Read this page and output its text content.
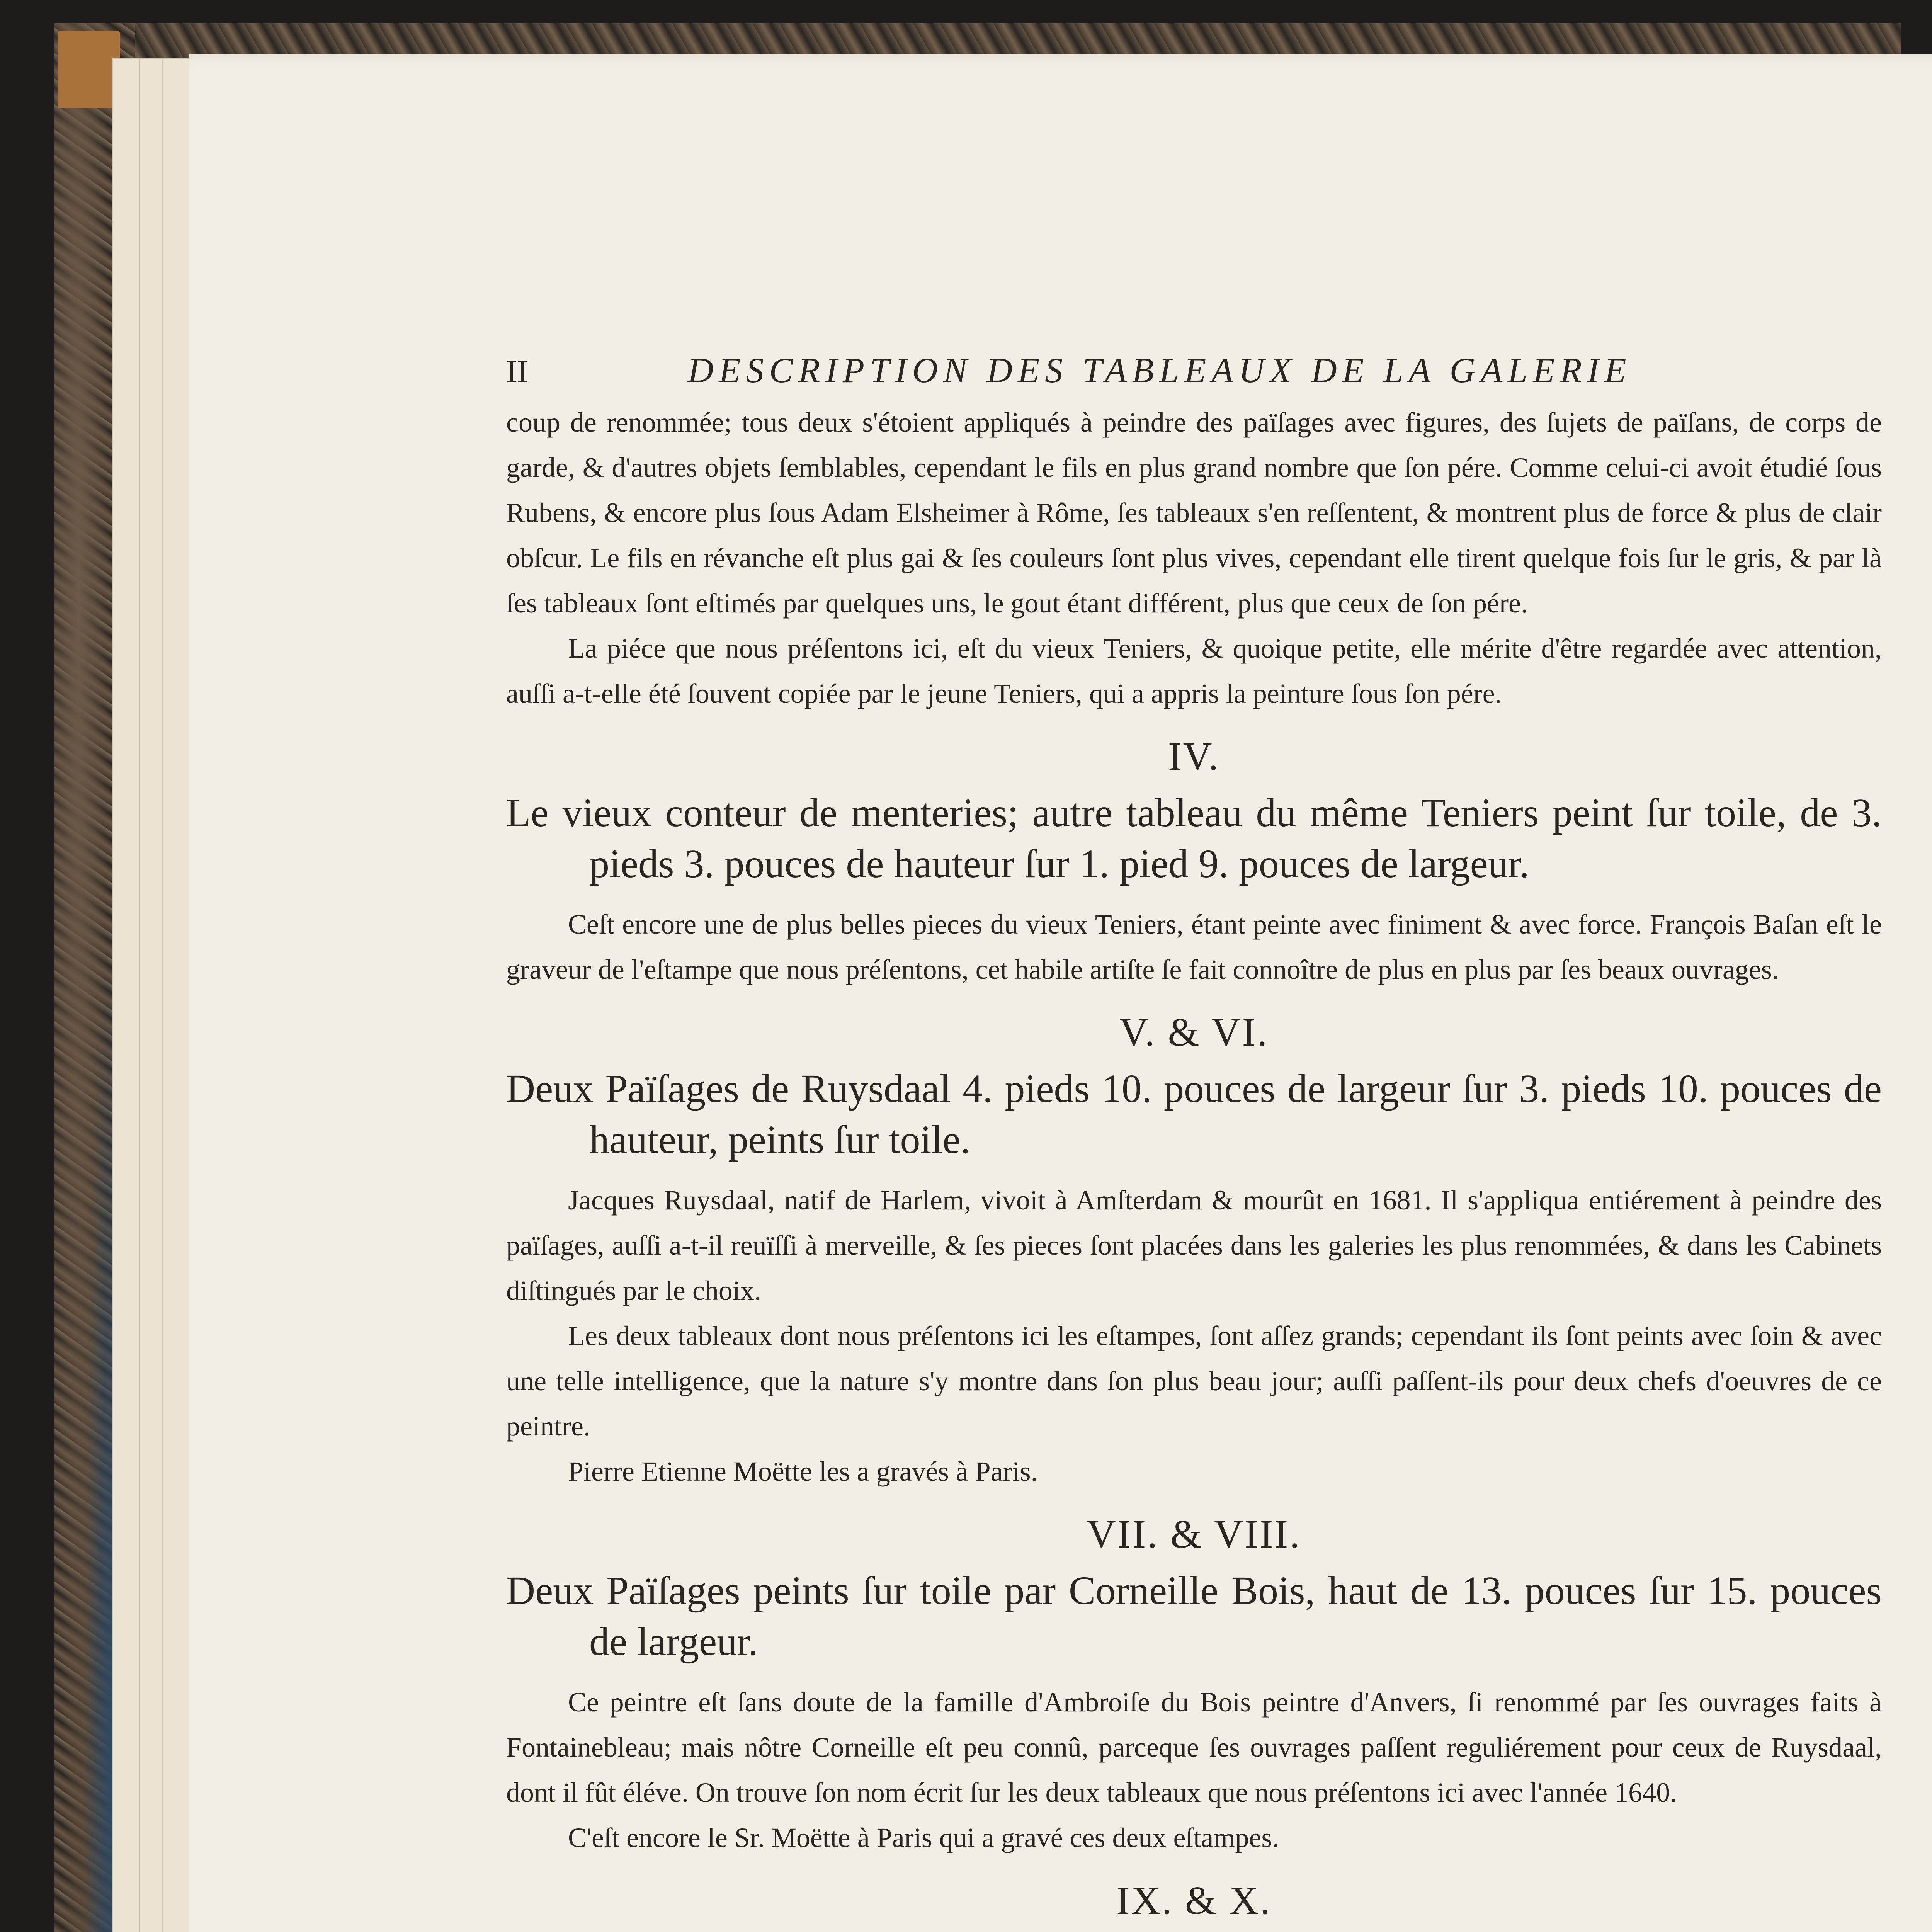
II	DESCRIPTION DES TABLEAUX DE LA GALERIE

coup de renommée; tous deux s'étoient appliqués à peindre des païſages avec figures, des ſujets de païſans, de corps de garde, & d'autres objets ſemblables, cependant le fils en plus grand nombre que ſon pére. Comme celui-ci avoit étudié ſous Rubens, & encore plus ſous Adam Elsheimer à Rôme, ſes tableaux s'en reſſentent, & montrent plus de force & plus de clair obſcur. Le fils en révanche eſt plus gai & ſes couleurs ſont plus vives, cependant elle tirent quelque fois ſur le gris, & par là ſes tableaux ſont eſtimés par quelques uns, le gout étant différent, plus que ceux de ſon pére.

La piéce que nous préſentons ici, eſt du vieux Teniers, & quoique petite, elle mérite d'être regardée avec attention, auſſi a-t-elle été ſouvent copiée par le jeune Teniers, qui a appris la peinture ſous ſon pére.

IV.
Le vieux conteur de menteries; autre tableau du même Teniers peint ſur toile, de 3. pieds 3. pouces de hauteur ſur 1. pied 9. pouces de largeur.

Ceſt encore une de plus belles pieces du vieux Teniers, étant peinte avec finiment & avec force. François Baſan eſt le graveur de l'eſtampe que nous préſentons, cet habile artiſte ſe fait connoître de plus en plus par ſes beaux ouvrages.

V. & VI.
Deux Païſages de Ruysdaal 4. pieds 10. pouces de largeur ſur 3. pieds 10. pouces de hauteur, peints ſur toile.

Jacques Ruysdaal, natif de Harlem, vivoit à Amſterdam & mourût en 1681. Il s'appliqua entiérement à peindre des païſages, auſſi a-t-il reuïſſi à merveille, & ſes pieces ſont placées dans les galeries les plus renommées, & dans les Cabinets diſtingués par le choix.

Les deux tableaux dont nous préſentons ici les eſtampes, ſont aſſez grands; cependant ils ſont peints avec ſoin & avec une telle intelligence, que la nature s'y montre dans ſon plus beau jour; auſſi paſſent-ils pour deux chefs d'oeuvres de ce peintre.

Pierre Etienne Moëtte les a gravés à Paris.

VII. & VIII.
Deux Païſages peints ſur toile par Corneille Bois, haut de 13. pouces ſur 15. pouces de largeur.

Ce peintre eſt ſans doute de la famille d'Ambroiſe du Bois peintre d'Anvers, ſi renommé par ſes ouvrages faits à Fontainebleau; mais nôtre Corneille eſt peu connû, parceque ſes ouvrages paſſent reguliérement pour ceux de Ruysdaal, dont il fût éléve. On trouve ſon nom écrit ſur les deux tableaux que nous préſentons ici avec l'année 1640.

C'eſt encore le Sr. Moëtte à Paris qui a gravé ces deux eſtampes.

IX. & X.
